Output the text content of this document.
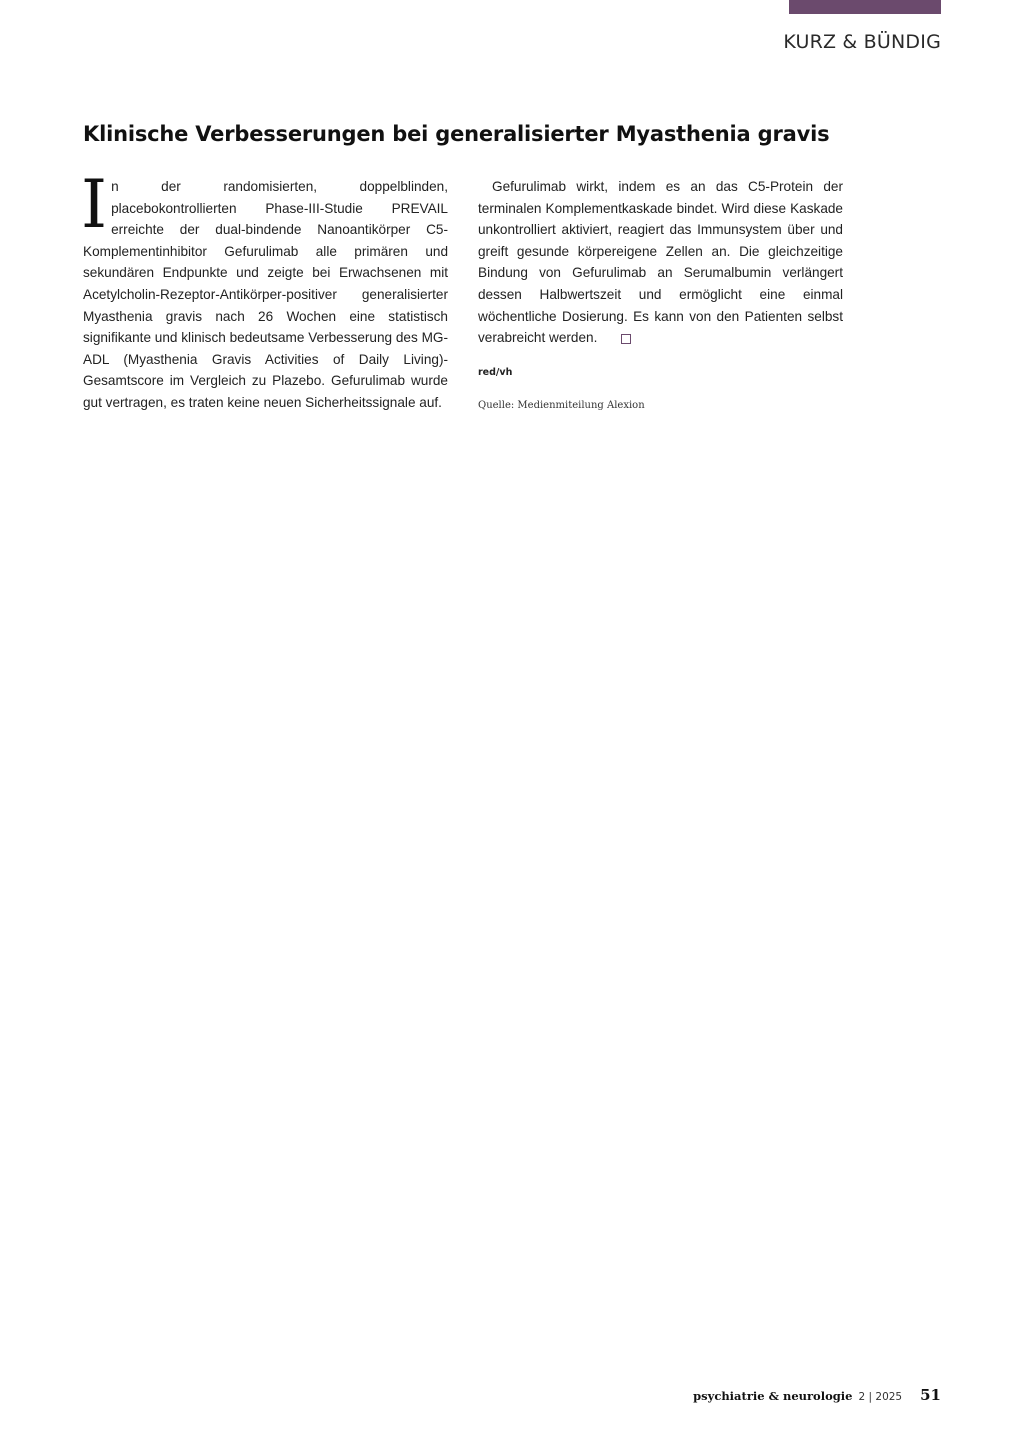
KURZ & BÜNDIG
Klinische Verbesserungen bei generalisierter Myasthenia gravis

In der randomisierten, doppelblinden, placebokontrollierten Phase-III-Studie PREVAIL erreichte der dual-bindende Nanoantikörper C5-Komplementinhibitor Gefurulimab alle primären und sekundären Endpunkte und zeigte bei Erwachsenen mit Acetylcholin-Rezeptor-Antikörper-positiver generalisierter Myasthenia gravis nach 26 Wochen eine statistisch signifikante und klinisch bedeutsame Verbesserung des MG-ADL (Myasthenia Gravis Activities of Daily Living)-Gesamtscore im Vergleich zu Plazebo. Gefurulimab wurde gut vertragen, es traten keine neuen Sicherheitssignale auf.

Gefurulimab wirkt, indem es an das C5-Protein der terminalen Komplementkaskade bindet. Wird diese Kaskade unkontrolliert aktiviert, reagiert das Immunsystem über und greift gesunde körpereigene Zellen an. Die gleichzeitige Bindung von Gefurulimab an Serumalbumin verlängert dessen Halbwertszeit und ermöglicht eine einmal wöchentliche Dosierung. Es kann von den Patienten selbst verabreicht werden.

red/vh
Quelle: Medienmiteilung Alexion
psychiatrie & neurologie 2 | 2025 51
